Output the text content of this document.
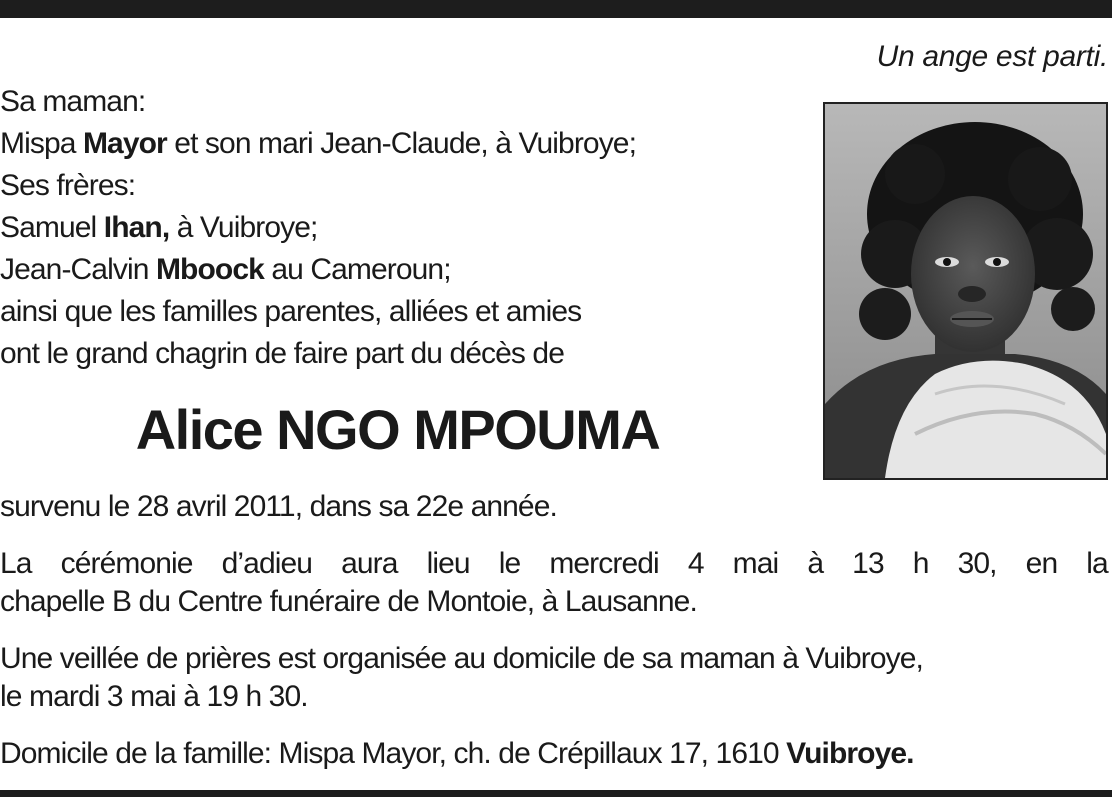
Un ange est parti.
Sa maman:
Mispa Mayor et son mari Jean-Claude, à Vuibroye;
Ses frères:
Samuel Ihan, à Vuibroye;
Jean-Calvin Mboock au Cameroun;
ainsi que les familles parentes, alliées et amies
ont le grand chagrin de faire part du décès de
Alice NGO MPOUMA
survenu le 28 avril 2011, dans sa 22e année.
La cérémonie d’adieu aura lieu le mercredi 4 mai à 13 h 30, en la
chapelle B du Centre funéraire de Montoie, à Lausanne.
Une veillée de prières est organisée au domicile de sa maman à Vuibroye,
le mardi 3 mai à 19 h 30.
Domicile de la famille: Mispa Mayor, ch. de Crépillaux 17, 1610 Vuibroye.
